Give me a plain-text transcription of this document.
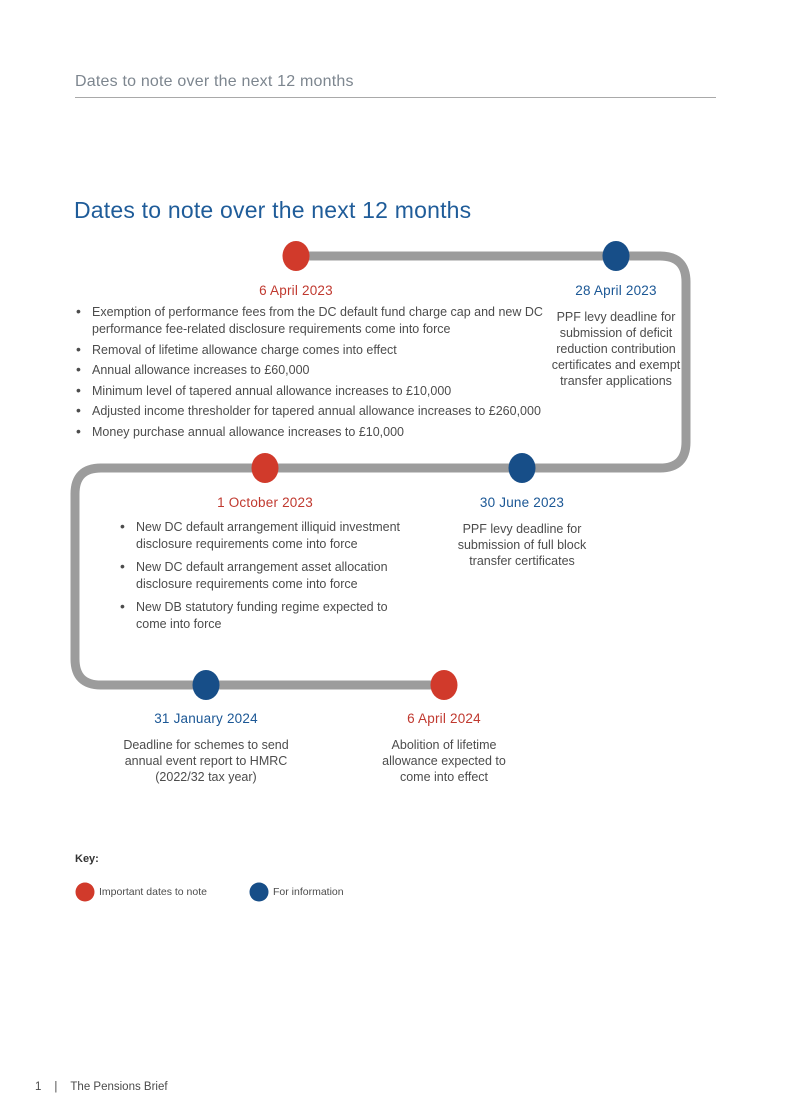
Dates to note over the next 12 months
Dates to note over the next 12 months
6 April 2023
• Exemption of performance fees from the DC default fund charge cap and new DC performance fee-related disclosure requirements come into force
• Removal of lifetime allowance charge comes into effect
• Annual allowance increases to £60,000
• Minimum level of tapered annual allowance increases to £10,000
• Adjusted income thresholder for tapered annual allowance increases to £260,000
• Money purchase annual allowance increases to £10,000
28 April 2023
PPF levy deadline for submission of deficit reduction contribution certificates and exempt transfer applications
1 October 2023
• New DC default arrangement illiquid investment disclosure requirements come into force
• New DC default arrangement asset allocation disclosure requirements come into force
• New DB statutory funding regime expected to come into force
30 June 2023
PPF levy deadline for submission of full block transfer certificates
31 January 2024
Deadline for schemes to send annual event report to HMRC (2022/32 tax year)
6 April 2024
Abolition of lifetime allowance expected to come into effect
Key:
Important dates to note	For information
1 | The Pensions Brief
